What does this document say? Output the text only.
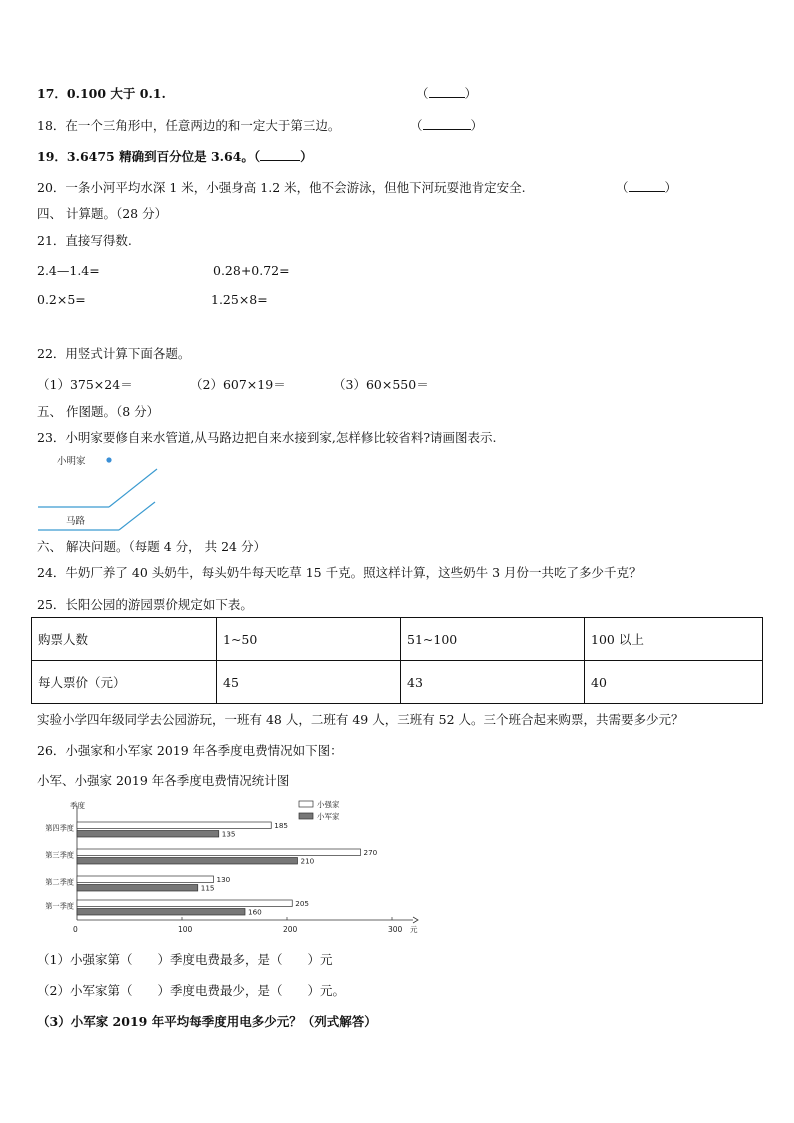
17．0.100 大于 0.1.	（	）
18．在一个三角形中，任意两边的和一定大于第三边。	（	）
19．3.6475 精确到百分位是 3.64。（	）
20．一条小河平均水深 1 米，小强身高 1.2 米，他不会游泳，但他下河玩耍池肯定安全.	（	）
四、 计算题。（28 分）
21．直接写得数.
2.4—1.4=	0.28+0.72=
0.2×5=	1.25×8=
22．用竖式计算下面各题。
（1）375×24＝	（2）607×19＝	（3）60×550＝
五、 作图题。（8 分）
23．小明家要修自来水管道,从马路边把自来水接到家,怎样修比较省料?请画图表示.
小明家
马路
六、 解决问题。（每题 4 分， 共 24 分）
24．牛奶厂养了 40 头奶牛，每头奶牛每天吃草 15 千克。照这样计算，这些奶牛 3 月份一共吃了多少千克？
25．长阳公园的游园票价规定如下表。
购票人数	1~50	51~100	100 以上
每人票价（元）	45	43	40
实验小学四年级同学去公园游玩，一班有 48 人，二班有 49 人，三班有 52 人。三个班合起来购票，共需要多少元？
26．小强家和小军家 2019 年各季度电费情况如下图：
小军、小强家 2019 年各季度电费情况统计图
季度
元
0	100	200	300
第一季度	205
160
第二季度	130
115
第三季度	270
210
第四季度	185
135
小强家
小军家
（1）小强家第（　　）季度电费最多，是（　　）元
（2）小军家第（　　）季度电费最少，是（　　）元。
（3）小军家 2019 年平均每季度用电多少元？（列式解答）
